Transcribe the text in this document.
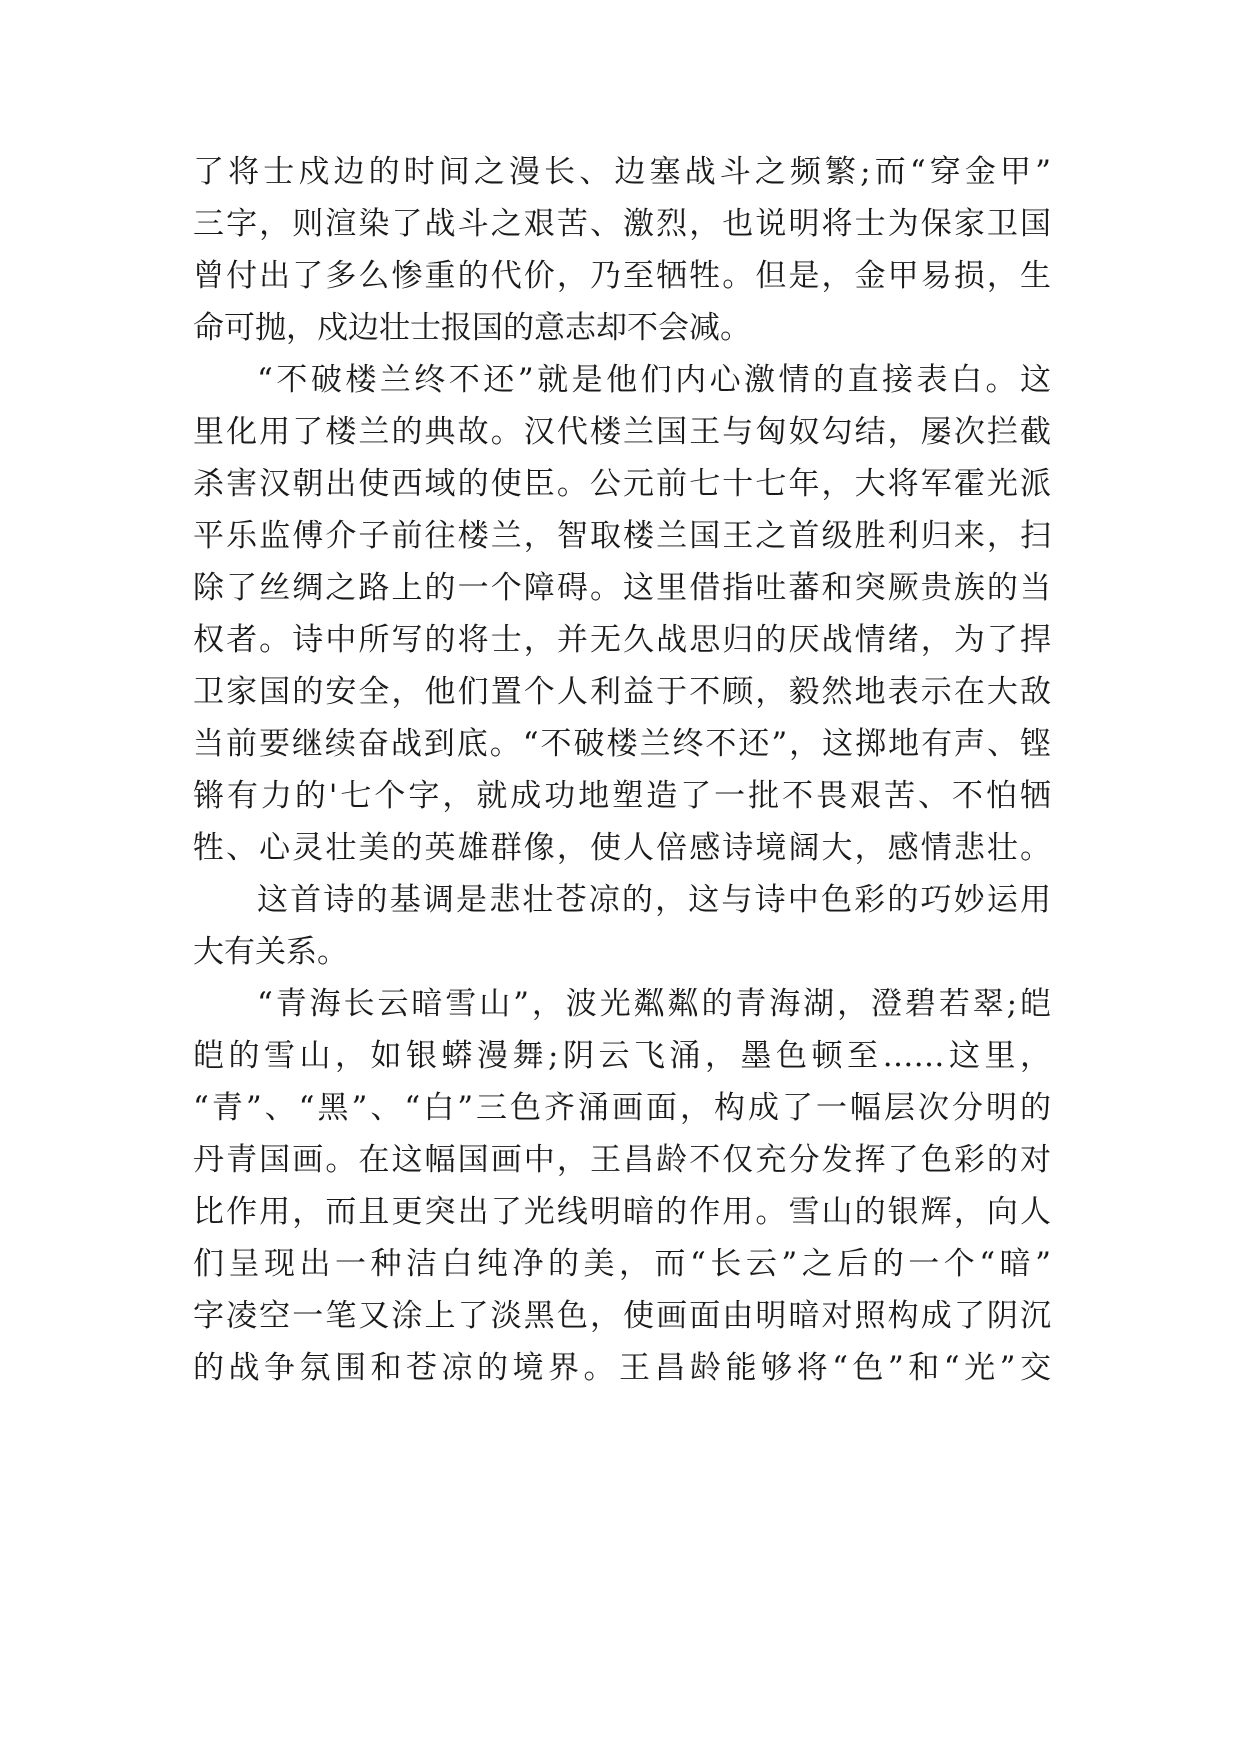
了将士戍边的时间之漫长、边塞战斗之频繁;而“穿金甲”
三字，则渲染了战斗之艰苦、激烈，也说明将士为保家卫国
曾付出了多么惨重的代价，乃至牺牲。但是，金甲易损，生
命可抛，戍边壮士报国的意志却不会减。
“不破楼兰终不还”就是他们内心激情的直接表白。这
里化用了楼兰的典故。汉代楼兰国王与匈奴勾结，屡次拦截
杀害汉朝出使西域的使臣。公元前七十七年，大将军霍光派
平乐监傅介子前往楼兰，智取楼兰国王之首级胜利归来，扫
除了丝绸之路上的一个障碍。这里借指吐蕃和突厥贵族的当
权者。诗中所写的将士，并无久战思归的厌战情绪，为了捍
卫家国的安全，他们置个人利益于不顾，毅然地表示在大敌
当前要继续奋战到底。“不破楼兰终不还”，这掷地有声、铿
锵有力的'七个字，就成功地塑造了一批不畏艰苦、不怕牺
牲、心灵壮美的英雄群像，使人倍感诗境阔大，感情悲壮。
这首诗的基调是悲壮苍凉的，这与诗中色彩的巧妙运用
大有关系。
“青海长云暗雪山”，波光粼粼的青海湖，澄碧若翠;皑
皑的雪山，如银蟒漫舞;阴云飞涌，墨色顿至……这里，
“青”、“黑”、“白”三色齐涌画面，构成了一幅层次分明的
丹青国画。在这幅国画中，王昌龄不仅充分发挥了色彩的对
比作用，而且更突出了光线明暗的作用。雪山的银辉，向人
们呈现出一种洁白纯净的美，而“长云”之后的一个“暗”
字凌空一笔又涂上了淡黑色，使画面由明暗对照构成了阴沉
的战争氛围和苍凉的境界。王昌龄能够将“色”和“光”交
